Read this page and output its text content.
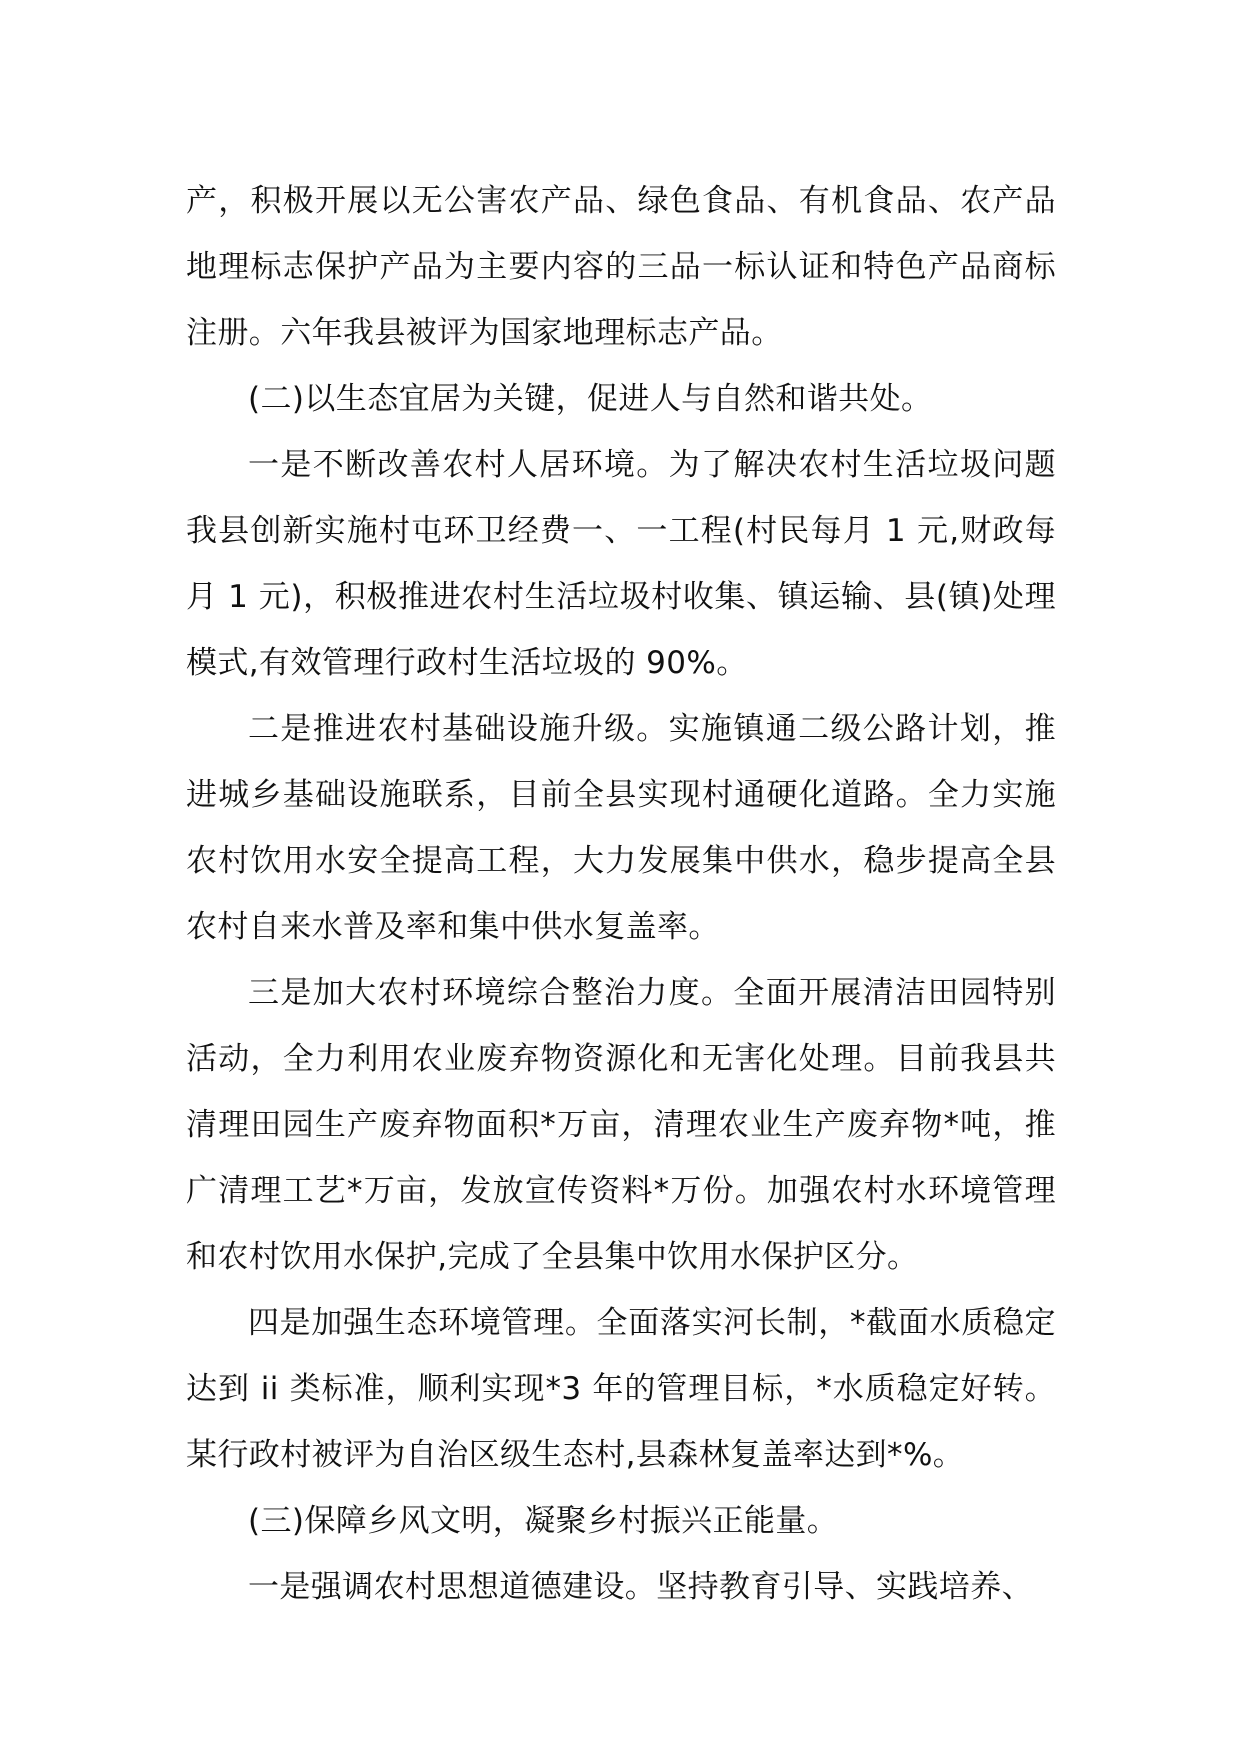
产，积极开展以无公害农产品、绿色食品、有机食品、农产品地理标志保护产品为主要内容的三品一标认证和特色产品商标注册。六年我县被评为国家地理标志产品。

(二)以生态宜居为关键，促进人与自然和谐共处。

一是不断改善农村人居环境。为了解决农村生活垃圾问题我县创新实施村屯环卫经费一、一工程(村民每月 1 元,财政每月 1 元)，积极推进农村生活垃圾村收集、镇运输、县(镇)处理模式,有效管理行政村生活垃圾的 90%。

二是推进农村基础设施升级。实施镇通二级公路计划，推进城乡基础设施联系，目前全县实现村通硬化道路。全力实施农村饮用水安全提高工程，大力发展集中供水，稳步提高全县农村自来水普及率和集中供水复盖率。

三是加大农村环境综合整治力度。全面开展清洁田园特别活动，全力利用农业废弃物资源化和无害化处理。目前我县共清理田园生产废弃物面积*万亩，清理农业生产废弃物*吨，推广清理工艺*万亩，发放宣传资料*万份。加强农村水环境管理和农村饮用水保护,完成了全县集中饮用水保护区分。

四是加强生态环境管理。全面落实河长制，*截面水质稳定达到 ii 类标准，顺利实现*3 年的管理目标，*水质稳定好转。某行政村被评为自治区级生态村,县森林复盖率达到*%。

(三)保障乡风文明，凝聚乡村振兴正能量。

一是强调农村思想道德建设。坚持教育引导、实践培养、
